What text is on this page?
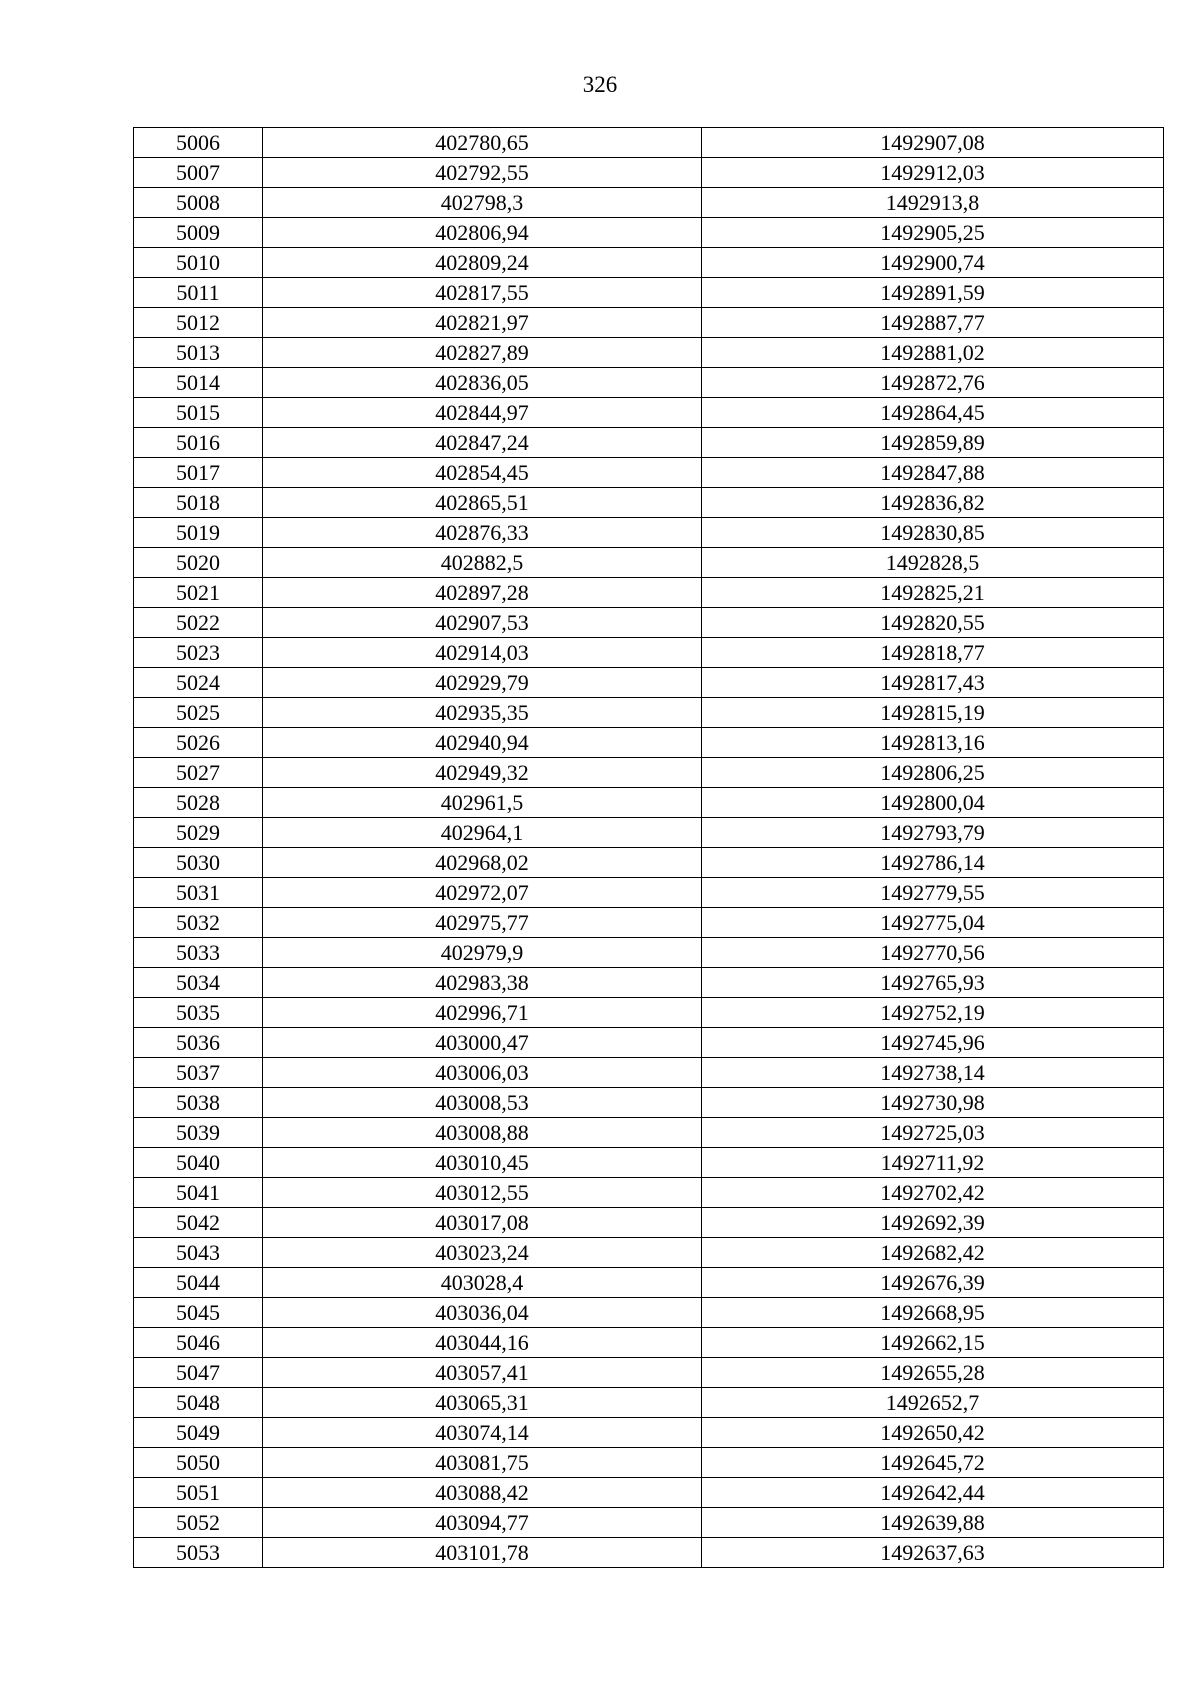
326
5006	402780,65	1492907,08
5007	402792,55	1492912,03
5008	402798,3	1492913,8
5009	402806,94	1492905,25
5010	402809,24	1492900,74
5011	402817,55	1492891,59
5012	402821,97	1492887,77
5013	402827,89	1492881,02
5014	402836,05	1492872,76
5015	402844,97	1492864,45
5016	402847,24	1492859,89
5017	402854,45	1492847,88
5018	402865,51	1492836,82
5019	402876,33	1492830,85
5020	402882,5	1492828,5
5021	402897,28	1492825,21
5022	402907,53	1492820,55
5023	402914,03	1492818,77
5024	402929,79	1492817,43
5025	402935,35	1492815,19
5026	402940,94	1492813,16
5027	402949,32	1492806,25
5028	402961,5	1492800,04
5029	402964,1	1492793,79
5030	402968,02	1492786,14
5031	402972,07	1492779,55
5032	402975,77	1492775,04
5033	402979,9	1492770,56
5034	402983,38	1492765,93
5035	402996,71	1492752,19
5036	403000,47	1492745,96
5037	403006,03	1492738,14
5038	403008,53	1492730,98
5039	403008,88	1492725,03
5040	403010,45	1492711,92
5041	403012,55	1492702,42
5042	403017,08	1492692,39
5043	403023,24	1492682,42
5044	403028,4	1492676,39
5045	403036,04	1492668,95
5046	403044,16	1492662,15
5047	403057,41	1492655,28
5048	403065,31	1492652,7
5049	403074,14	1492650,42
5050	403081,75	1492645,72
5051	403088,42	1492642,44
5052	403094,77	1492639,88
5053	403101,78	1492637,63
